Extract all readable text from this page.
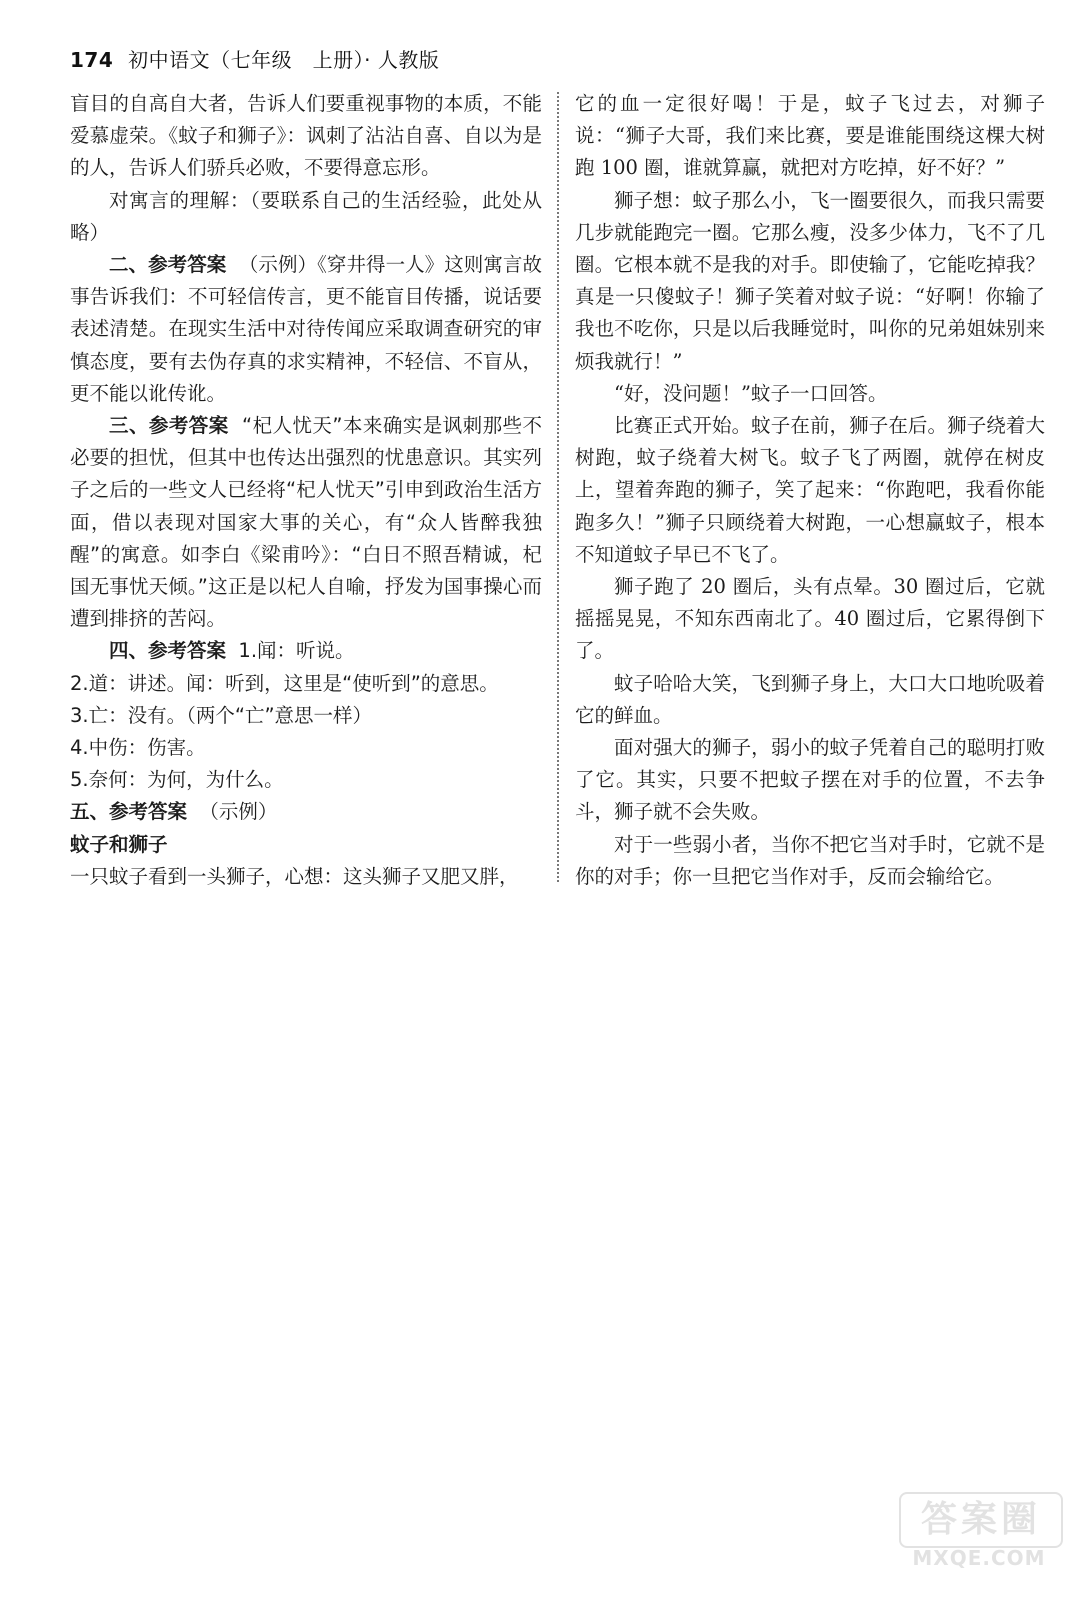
174 初中语文（七年级　上册）· 人教版

盲目的自高自大者，告诉人们要重视事物的本质，不能爱慕虚荣。《蚊子和狮子》：讽刺了沾沾自喜、自以为是的人，告诉人们骄兵必败，不要得意忘形。

对寓言的理解：（要联系自己的生活经验，此处从略）

二、参考答案 （示例）《穿井得一人》这则寓言故事告诉我们：不可轻信传言，更不能盲目传播，说话要表述清楚。在现实生活中对待传闻应采取调查研究的审慎态度，要有去伪存真的求实精神，不轻信、不盲从，更不能以讹传讹。

三、参考答案 “杞人忧天”本来确实是讽刺那些不必要的担忧，但其中也传达出强烈的忧患意识。其实列子之后的一些文人已经将“杞人忧天”引申到政治生活方面，借以表现对国家大事的关心，有“众人皆醉我独醒”的寓意。如李白《梁甫吟》：“白日不照吾精诚，杞国无事忧天倾。”这正是以杞人自喻，抒发为国事操心而遭到排挤的苦闷。

四、参考答案 1.闻：听说。

2.道：讲述。闻：听到，这里是“使听到”的意思。

3.亡：没有。（两个“亡”意思一样）

4.中伤：伤害。

5.奈何：为何，为什么。

五、参考答案 （示例）

蚊子和狮子

一只蚊子看到一头狮子，心想：这头狮子又肥又胖，

它的血一定很好喝！于是，蚊子飞过去，对狮子说：“狮子大哥，我们来比赛，要是谁能围绕这棵大树跑 100 圈，谁就算赢，就把对方吃掉，好不好？”

狮子想：蚊子那么小，飞一圈要很久，而我只需要几步就能跑完一圈。它那么瘦，没多少体力，飞不了几圈。它根本就不是我的对手。即使输了，它能吃掉我？真是一只傻蚊子！狮子笑着对蚊子说：“好啊！你输了我也不吃你，只是以后我睡觉时，叫你的兄弟姐妹别来烦我就行！”

“好，没问题！”蚊子一口回答。

比赛正式开始。蚊子在前，狮子在后。狮子绕着大树跑，蚊子绕着大树飞。蚊子飞了两圈，就停在树皮上，望着奔跑的狮子，笑了起来：“你跑吧，我看你能跑多久！”狮子只顾绕着大树跑，一心想赢蚊子，根本不知道蚊子早已不飞了。

狮子跑了 20 圈后，头有点晕。30 圈过后，它就摇摇晃晃，不知东西南北了。40 圈过后，它累得倒下了。

蚊子哈哈大笑，飞到狮子身上，大口大口地吮吸着它的鲜血。

面对强大的狮子，弱小的蚊子凭着自己的聪明打败了它。其实，只要不把蚊子摆在对手的位置，不去争斗，狮子就不会失败。

对于一些弱小者，当你不把它当对手时，它就不是你的对手；你一旦把它当作对手，反而会输给它。

答案圈
MXQE.COM
